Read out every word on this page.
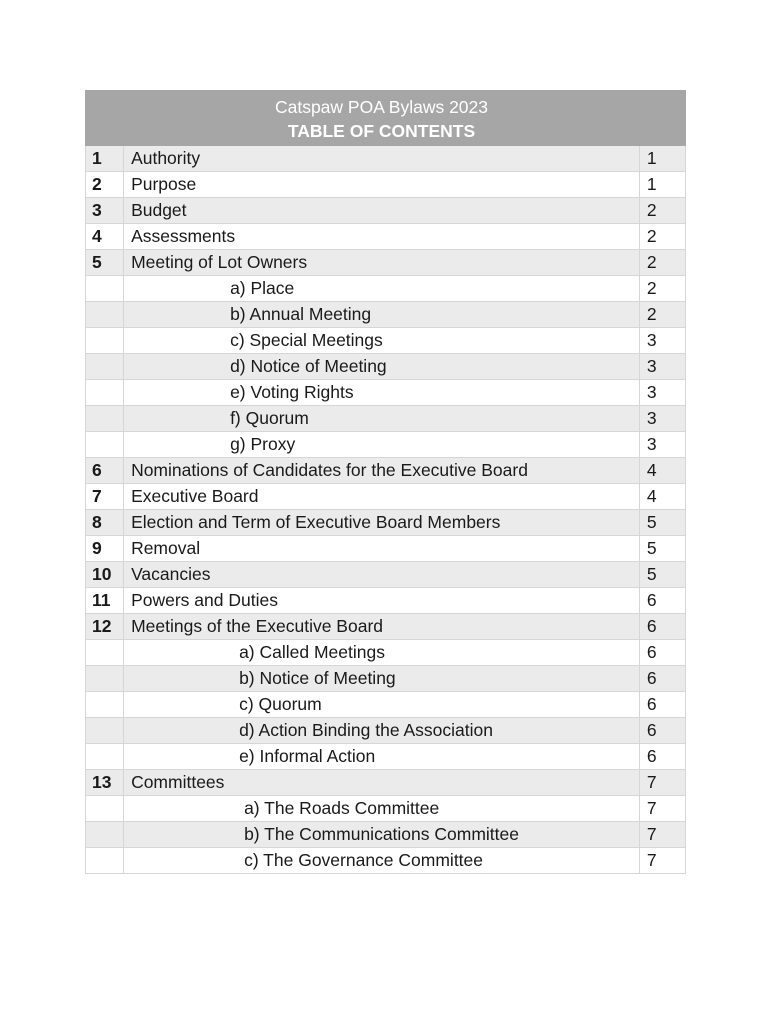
	Catspaw POA Bylaws 2023
TABLE OF CONTENTS	

1	Authority	1
2	Purpose	1
3	Budget	2
4	Assessments	2
5	Meeting of Lot Owners	2
	a) Place	2
	b) Annual Meeting	2
	c) Special Meetings	3
	d) Notice of Meeting	3
	e) Voting Rights	3
	f) Quorum	3
	g) Proxy	3
6	Nominations of Candidates for the Executive Board	4
7	Executive Board	4
8	Election and Term of Executive Board Members	5
9	Removal	5
10	Vacancies	5
11	Powers and Duties	6
12	Meetings of the Executive Board	6
	a) Called Meetings	6
	b) Notice of Meeting	6
	c) Quorum	6
	d) Action Binding the Association	6
	e) Informal Action	6
13	Committees	7
	a) The Roads Committee	7
	b) The Communications Committee	7
	c) The Governance Committee	7
